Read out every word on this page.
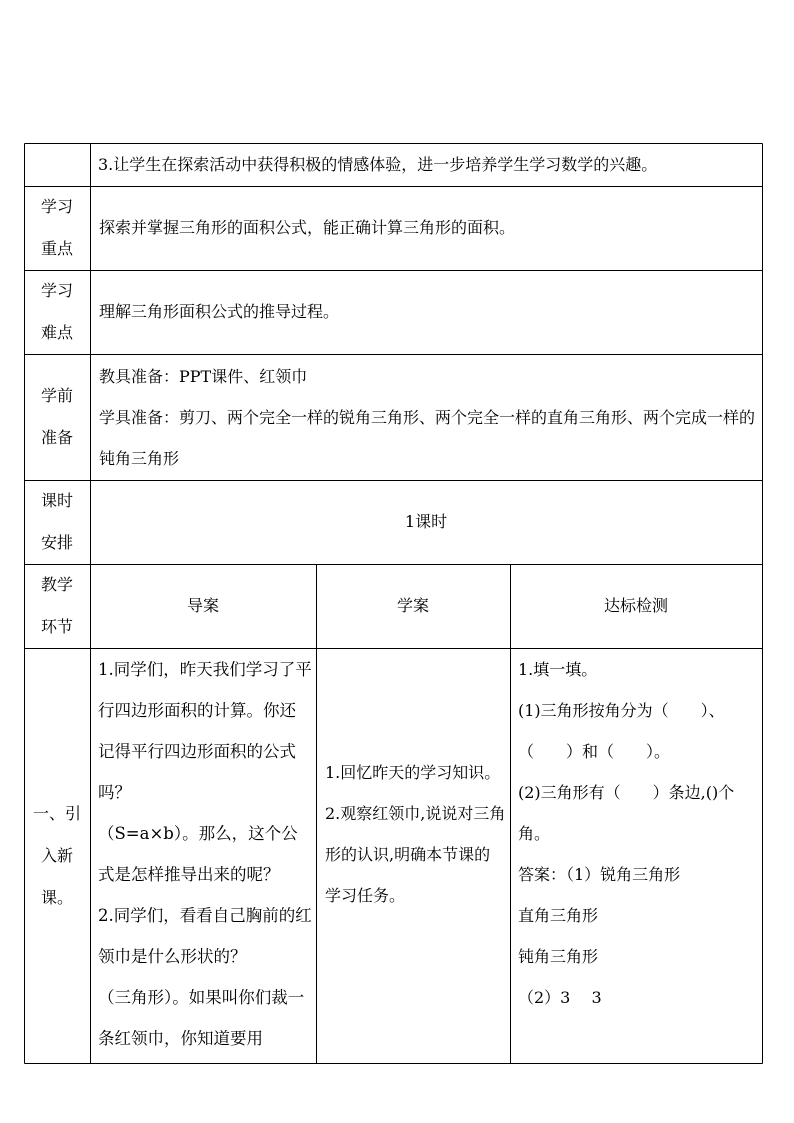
3.让学生在探索活动中获得积极的情感体验，进一步培养学生学习数学的兴趣。
学习
重点
探索并掌握三角形的面积公式，能正确计算三角形的面积。
学习
难点
理解三角形面积公式的推导过程。
学前
准备
教具准备：PPT课件、红领巾
学具准备：剪刀、两个完全一样的锐角三角形、两个完全一样的直角三角形、两个完成一样的钝角三角形
课时
安排
1课时
教学
环节
导案	学案	达标检测
一、引
入新
课。
1.同学们，昨天我们学习了平行四边形面积的计算。你还记得平行四边形面积的公式吗？
（S=a×b）。那么，这个公式是怎样推导出来的呢？
2.同学们，看看自己胸前的红领巾是什么形状的？
（三角形）。如果叫你们裁一条红领巾，你知道要用
1.回忆昨天的学习知识。
2.观察红领巾,说说对三角形的认识,明确本节课的学习任务。
1.填一填。
(1)三角形按角分为（　　）、（　　）和（　　）。
(2)三角形有（　　）条边,()个角。
答案：（1）锐角三角形
直角三角形
钝角三角形
（2）3　 3
